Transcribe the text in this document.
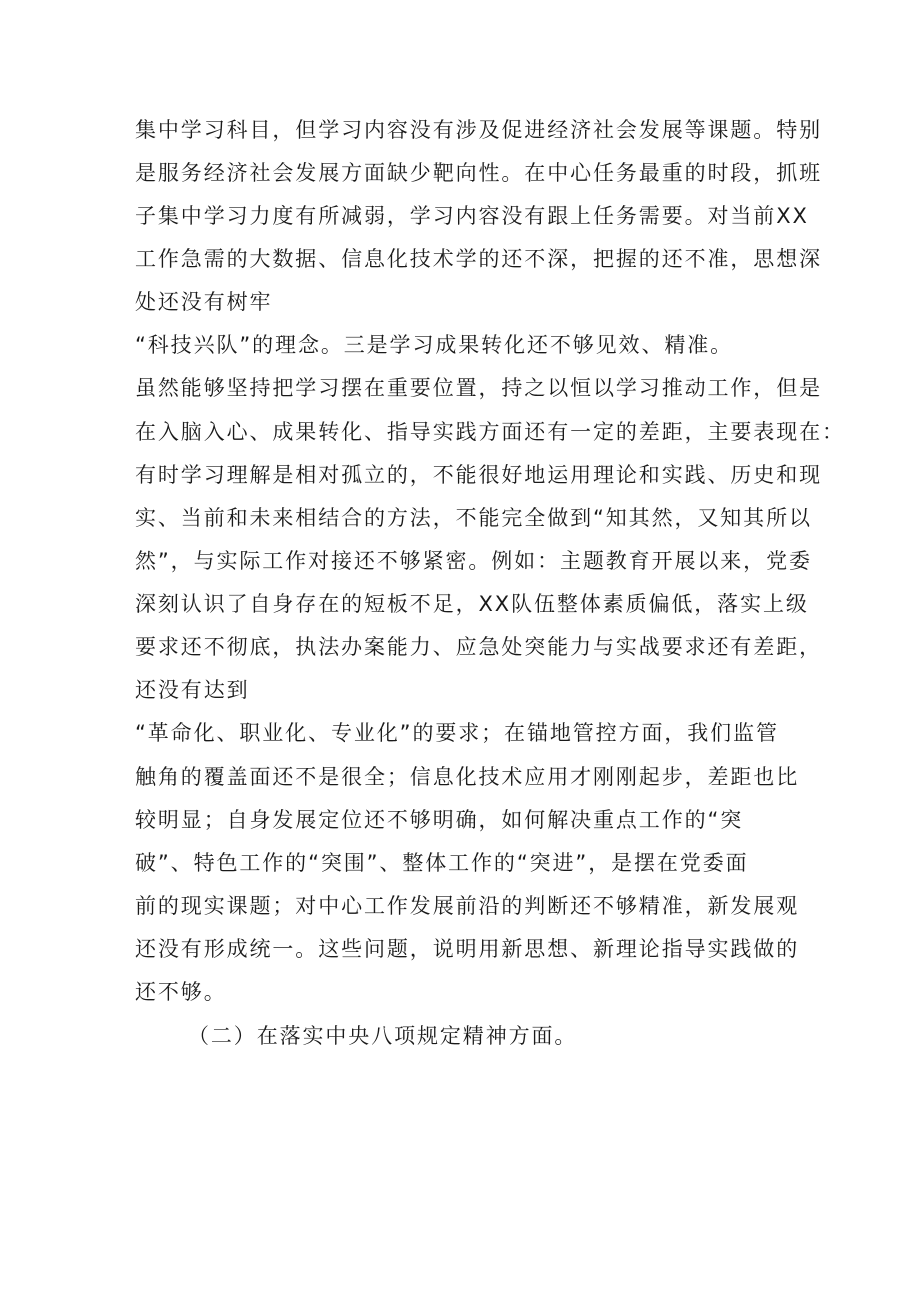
集中学习科目，但学习内容没有涉及促进经济社会发展等课题。特别
是服务经济社会发展方面缺少靶向性。在中心任务最重的时段，抓班
子集中学习力度有所减弱，学习内容没有跟上任务需要。对当前XX
工作急需的大数据、信息化技术学的还不深，把握的还不准，思想深
处还没有树牢
“科技兴队”的理念。三是学习成果转化还不够见效、精准。
虽然能够坚持把学习摆在重要位置，持之以恒以学习推动工作，但是
在入脑入心、成果转化、指导实践方面还有一定的差距，主要表现在：
有时学习理解是相对孤立的，不能很好地运用理论和实践、历史和现
实、当前和未来相结合的方法，不能完全做到“知其然，又知其所以
然”，与实际工作对接还不够紧密。例如：主题教育开展以来，党委
深刻认识了自身存在的短板不足，XX队伍整体素质偏低，落实上级
要求还不彻底，执法办案能力、应急处突能力与实战要求还有差距，
还没有达到
“革命化、职业化、专业化”的要求；在锚地管控方面，我们监管
触角的覆盖面还不是很全；信息化技术应用才刚刚起步，差距也比
较明显；自身发展定位还不够明确，如何解决重点工作的“突
破”、特色工作的“突围”、整体工作的“突进”，是摆在党委面
前的现实课题；对中心工作发展前沿的判断还不够精准，新发展观
还没有形成统一。这些问题，说明用新思想、新理论指导实践做的
还不够。
（二）在落实中央八项规定精神方面。
